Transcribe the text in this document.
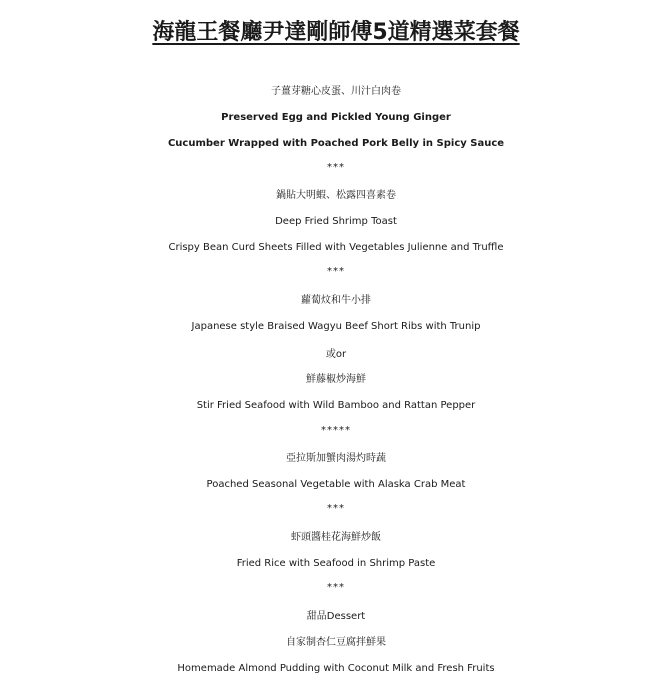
海龍王餐廳尹達剛師傅5道精選菜套餐
子薑芽糖心皮蛋、川汁白肉卷
Preserved Egg and Pickled Young Ginger
Cucumber Wrapped with Poached Pork Belly in Spicy Sauce
***
鍋貼大明蝦、松露四喜素卷
Deep Fried Shrimp Toast
Crispy Bean Curd Sheets Filled with Vegetables Julienne and Truffle
***
蘿蔔炆和牛小排
Japanese style Braised Wagyu Beef Short Ribs with Trunip
或or
鮮藤椒炒海鮮
Stir Fried Seafood with Wild Bamboo and Rattan Pepper
*****
亞拉斯加蟹肉湯灼時蔬
Poached Seasonal Vegetable with Alaska Crab Meat
***
虾頭醬桂花海鮮炒飯
Fried Rice with Seafood in Shrimp Paste
***
甜品Dessert
自家制杏仁豆腐拌鮮果
Homemade Almond Pudding with Coconut Milk and Fresh Fruits
